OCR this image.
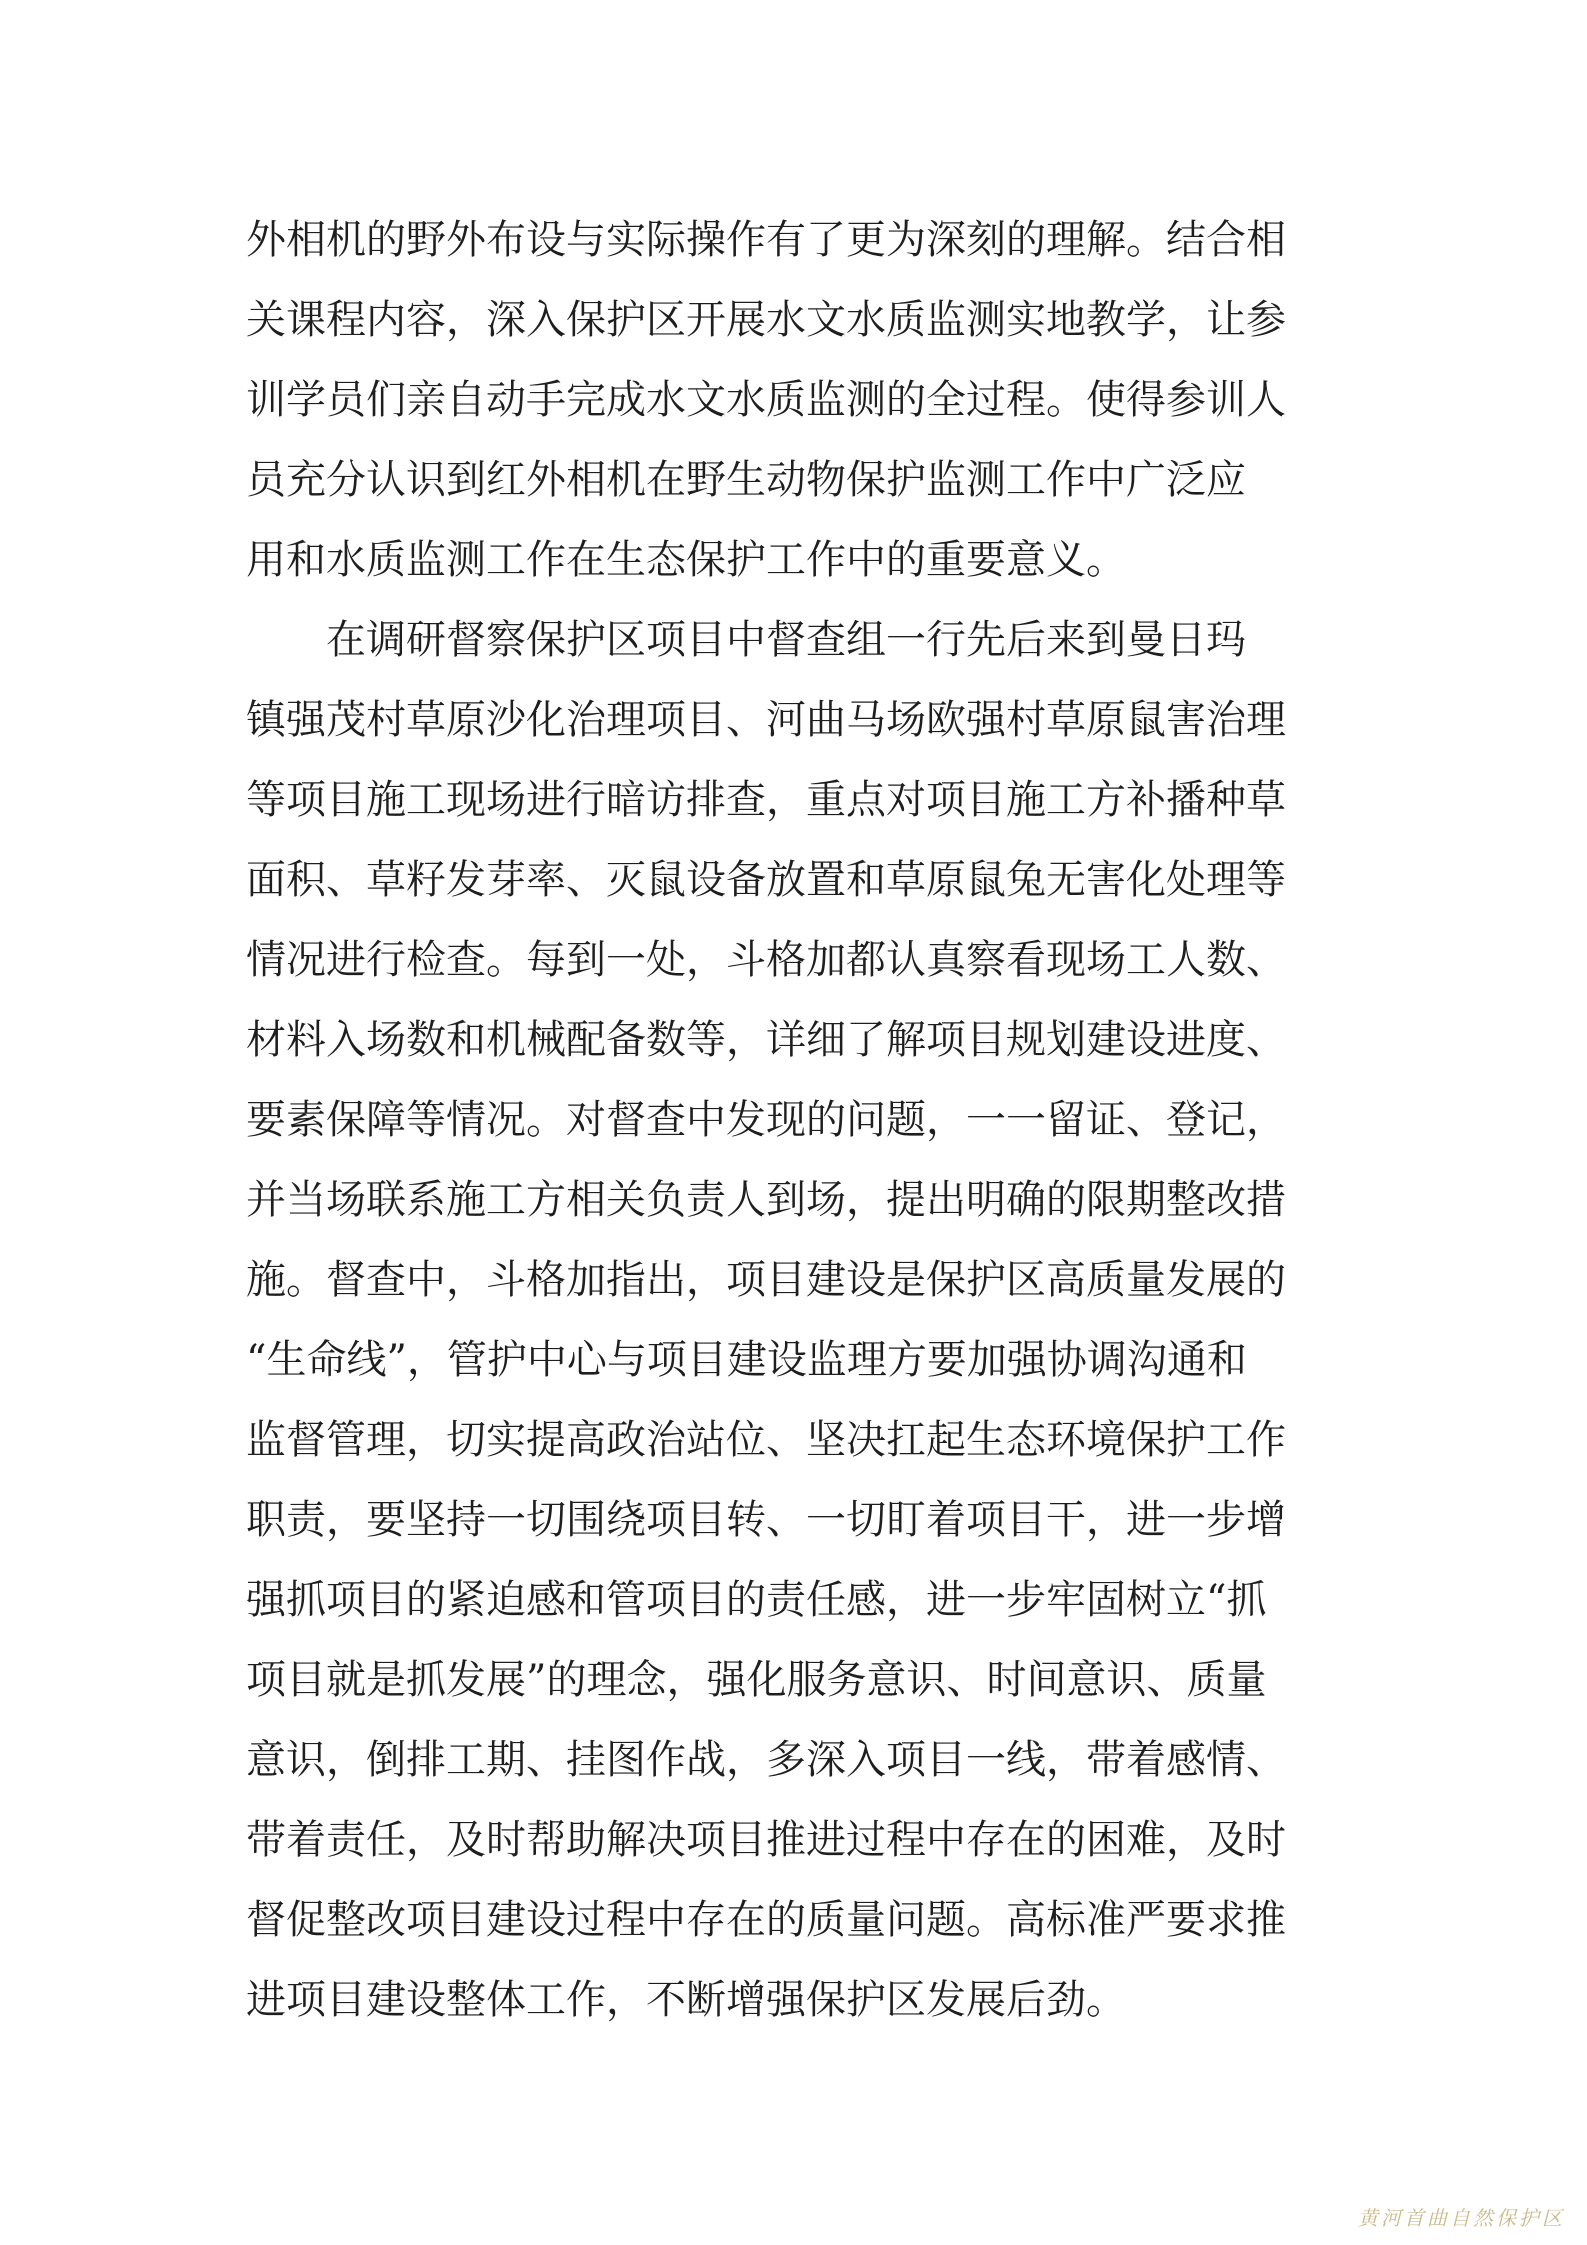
外相机的野外布设与实际操作有了更为深刻的理解。结合相
关课程内容，深入保护区开展水文水质监测实地教学，让参
训学员们亲自动手完成水文水质监测的全过程。使得参训人
员充分认识到红外相机在野生动物保护监测工作中广泛应
用和水质监测工作在生态保护工作中的重要意义。
在调研督察保护区项目中督查组一行先后来到曼日玛
镇强茂村草原沙化治理项目、河曲马场欧强村草原鼠害治理
等项目施工现场进行暗访排查，重点对项目施工方补播种草
面积、草籽发芽率、灭鼠设备放置和草原鼠兔无害化处理等
情况进行检查。每到一处，斗格加都认真察看现场工人数、
材料入场数和机械配备数等，详细了解项目规划建设进度、
要素保障等情况。对督查中发现的问题，一一留证、登记，
并当场联系施工方相关负责人到场，提出明确的限期整改措
施。督查中，斗格加指出，项目建设是保护区高质量发展的
“生命线”，管护中心与项目建设监理方要加强协调沟通和
监督管理，切实提高政治站位、坚决扛起生态环境保护工作
职责，要坚持一切围绕项目转、一切盯着项目干，进一步增
强抓项目的紧迫感和管项目的责任感，进一步牢固树立“抓
项目就是抓发展”的理念，强化服务意识、时间意识、质量
意识，倒排工期、挂图作战，多深入项目一线，带着感情、
带着责任，及时帮助解决项目推进过程中存在的困难，及时
督促整改项目建设过程中存在的质量问题。高标准严要求推
进项目建设整体工作，不断增强保护区发展后劲。
黄河首曲自然保护区
